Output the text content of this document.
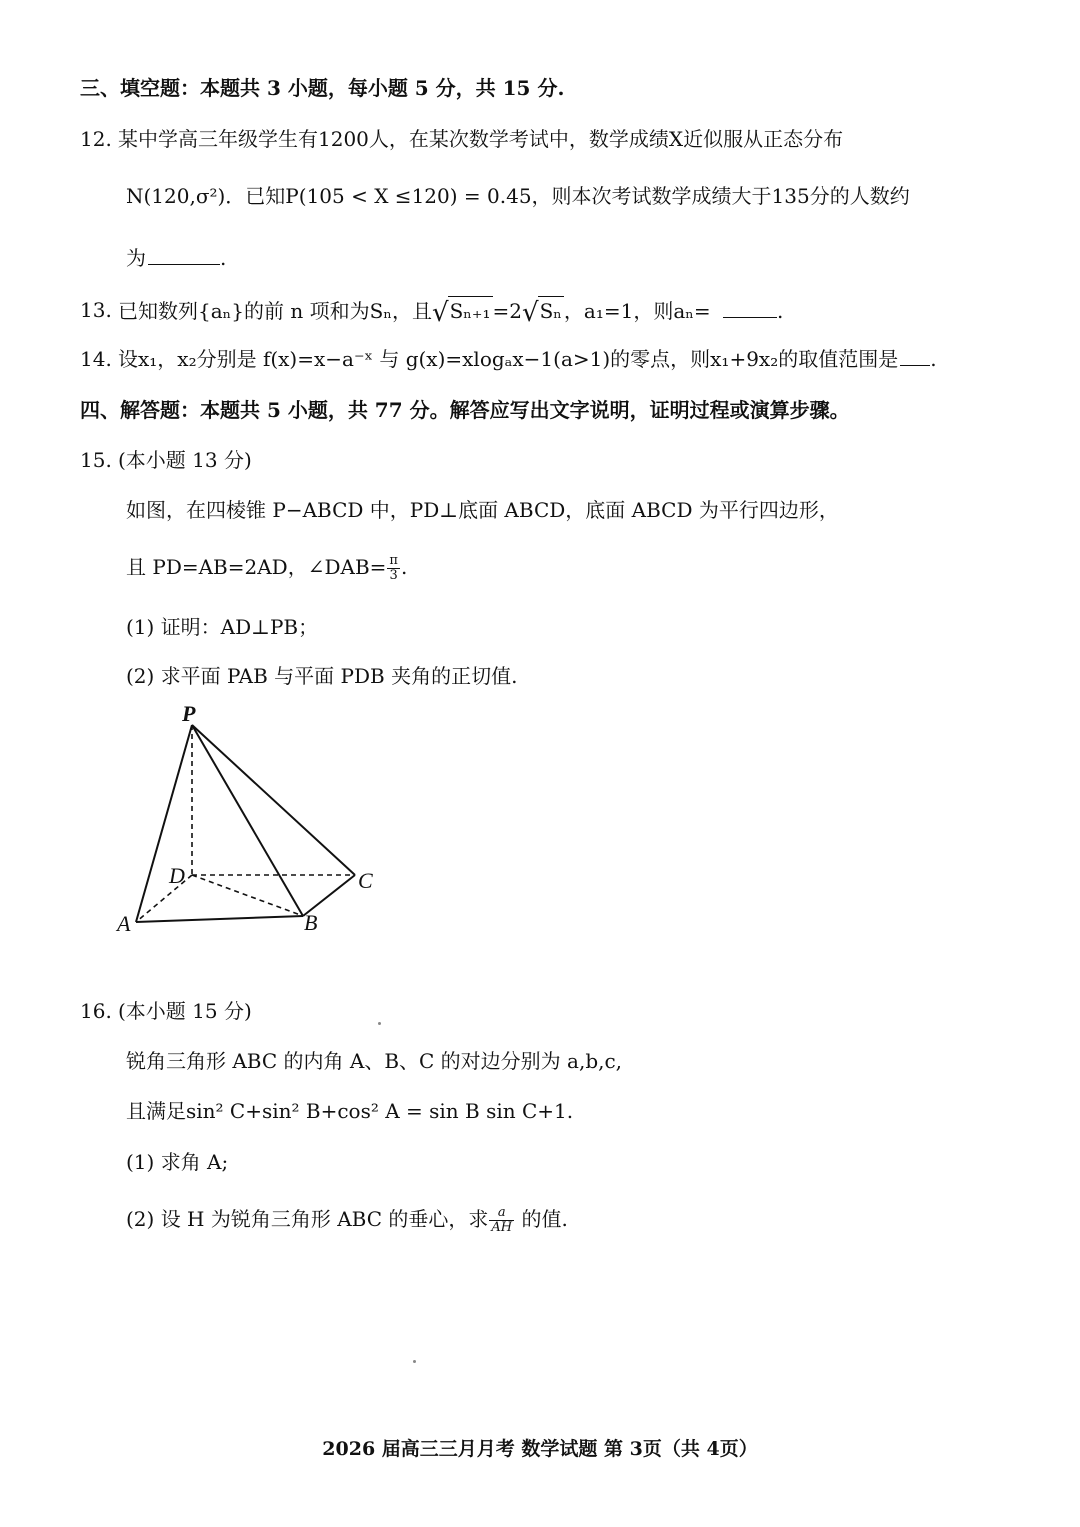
三、填空题：本题共 3 小题，每小题 5 分，共 15 分.
12. 某中学高三年级学生有1200人，在某次数学考试中，数学成绩X近似服从正态分布
N(120,σ²)．已知P(105 < X ≤120) = 0.45，则本次考试数学成绩大于135分的人数约
为	.
13. 已知数列{aₙ}的前 n 项和为Sₙ，且√Sₙ₊₁ =2√Sₙ ，a₁=1，则aₙ=	.
14. 设x₁，x₂分别是 f(x)=x−a⁻ˣ 与 g(x)=xlogₐx−1(a>1)的零点，则x₁+9x₂的取值范围是 .
四、解答题：本题共 5 小题，共 77 分。解答应写出文字说明，证明过程或演算步骤。
15. (本小题 13 分)
如图，在四棱锥 P−ABCD 中，PD⊥底面 ABCD，底面 ABCD 为平行四边形，
且 PD=AB=2AD，∠DAB= $\frac{\pi}{3}$ .
(1) 证明：AD⊥PB；
(2) 求平面 PAB 与平面 PDB 夹角的正切值.
P
D	C
A	B
16. (本小题 15 分)
锐角三角形 ABC 的内角 A、B、C 的对边分别为 a,b,c,
且满足sin² C+sin² B+cos² A = sin B sin C+1.
(1) 求角 A;
(2) 设 H 为锐角三角形 ABC 的垂心，求 $\frac{a}{AH}$ 的值.
2026 届高三三月月考 数学试题 第 3页（共 4页）
